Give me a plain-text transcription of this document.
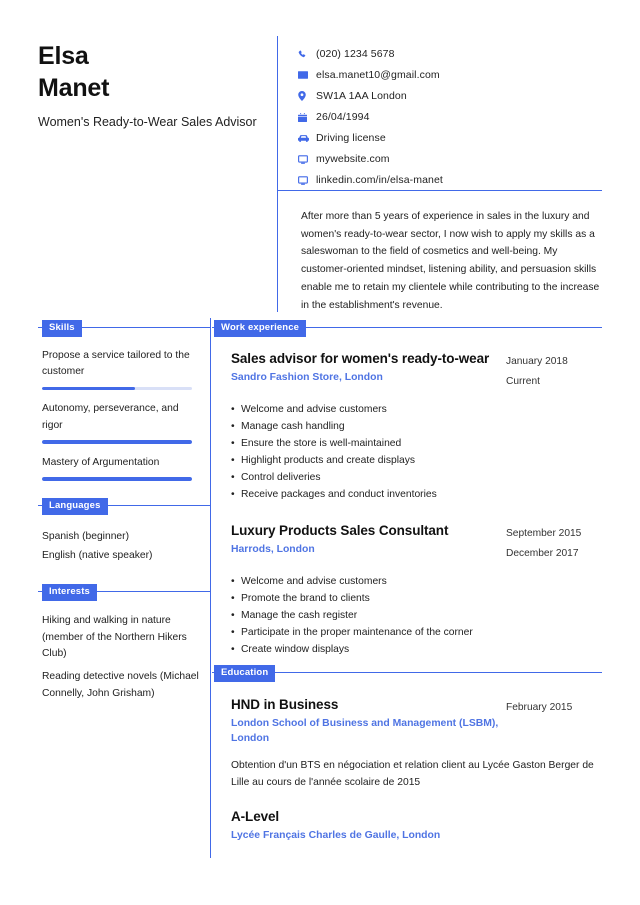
Elsa
Manet
Women's Ready-to-Wear Sales Advisor
(020) 1234 5678
elsa.manet10@gmail.com
SW1A 1AA London
26/04/1994
Driving license
mywebsite.com
linkedin.com/in/elsa-manet
After more than 5 years of experience in sales in the luxury and women's ready-to-wear sector, I now wish to apply my skills as a saleswoman to the field of cosmetics and well-being. My customer-oriented mindset, listening ability, and persuasion skills enable me to retain my clientele while contributing to the increase in the establishment's revenue.
Skills
Propose a service tailored to the customer
Autonomy, perseverance, and rigor
Mastery of Argumentation
Languages
Spanish (beginner)
English (native speaker)
Interests
Hiking and walking in nature (member of the Northern Hikers Club)
Reading detective novels (Michael Connelly, John Grisham)
Work experience
Sales advisor for women's ready-to-wear
Sandro Fashion Store, London
January 2018
Current
• Welcome and advise customers
• Manage cash handling
• Ensure the store is well-maintained
• Highlight products and create displays
• Control deliveries
• Receive packages and conduct inventories
Luxury Products Sales Consultant
Harrods, London
September 2015
December 2017
• Welcome and advise customers
• Promote the brand to clients
• Manage the cash register
• Participate in the proper maintenance of the corner
• Create window displays
Education
HND in Business
London School of Business and Management (LSBM), London
February 2015
Obtention d'un BTS en négociation et relation client au Lycée Gaston Berger de Lille au cours de l'année scolaire de 2015
A-Level
Lycée Français Charles de Gaulle, London
